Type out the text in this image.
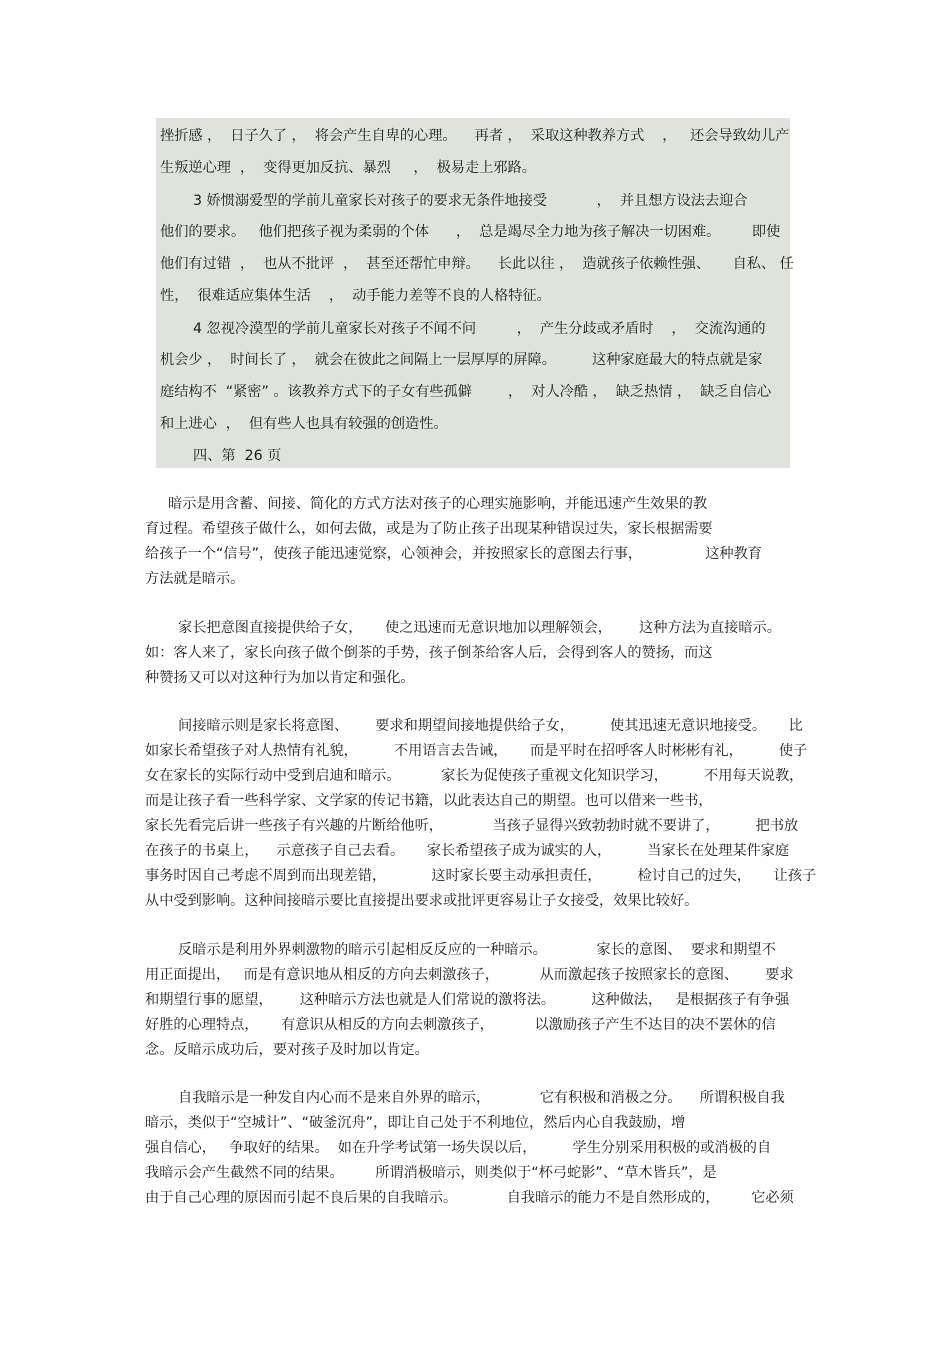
挫折感 ，  日子久了 ，  将会产生自卑的心理。    再者 ，  采取这种教养方式    ，   还会导致幼儿产
生叛逆心理  ，  变得更加反抗、暴烈     ，  极易走上邪路。
3 娇惯溺爱型的学前儿童家长对孩子的要求无条件地接受           ，  并且想方设法去迎合
他们的要求。   他们把孩子视为柔弱的个体      ，  总是竭尽全力地为孩子解决一切困难。       即使
他们有过错  ，  也从不批评  ，  甚至还帮忙申辩。    长此以往 ，  造就孩子依赖性强、     自私、 任
性，  很难适应集体生活    ，  动手能力差等不良的人格特征。
4 忽视冷漠型的学前儿童家长对孩子不闻不问         ，  产生分歧或矛盾时    ，  交流沟通的
机会少 ，  时间长了 ，  就会在彼此之间隔上一层厚厚的屏障。        这种家庭最大的特点就是家
庭结构不  “紧密” 。该教养方式下的子女有些孤僻        ，  对人冷酷 ，  缺乏热情 ，  缺乏自信心
和上进心  ，  但有些人也具有较强的创造性。
四、第  26 页
暗示是用含蓄、间接、简化的方式方法对孩子的心理实施影响，并能迅速产生效果的教
育过程。希望孩子做什么，如何去做，或是为了防止孩子出现某种错误过失，家长根据需要
给孩子一个“信号”，使孩子能迅速觉察，心领神会，并按照家长的意图去行事，              这种教育
方法就是暗示。
家长把意图直接提供给子女，     使之迅速而无意识地加以理解领会，      这种方法为直接暗示。
如：客人来了，家长向孩子做个倒茶的手势，孩子倒茶给客人后，会得到客人的赞扬，而这
种赞扬又可以对这种行为加以肯定和强化。
间接暗示则是家长将意图、      要求和期望间接地提供给子女，        使其迅速无意识地接受。     比
如家长希望孩子对人热情有礼貌，        不用语言去告诫，     而是平时在招呼客人时彬彬有礼，        使子
女在家长的实际行动中受到启迪和暗示。         家长为促使孩子重视文化知识学习，        不用每天说教，
而是让孩子看一些科学家、文学家的传记书籍，以此表达自己的期望。也可以借来一些书，
家长先看完后讲一些孩子有兴趣的片断给他听，           当孩子显得兴致勃勃时就不要讲了，        把书放
在孩子的书桌上，    示意孩子自己去看。     家长希望孩子成为诚实的人，        当家长在处理某件家庭
事务时因自己考虑不周到而出现差错，          这时家长要主动承担责任，        检讨自己的过失，     让孩子
从中受到影响。这种间接暗示要比直接提出要求或批评更容易让子女接受，效果比较好。
反暗示是利用外界刺激物的暗示引起相反反应的一种暗示。           家长的意图、  要求和期望不
用正面提出，   而是有意识地从相反的方向去刺激孩子，         从而激起孩子按照家长的意图、      要求
和期望行事的愿望，      这种暗示方法也就是人们常说的激将法。        这种做法，   是根据孩子有争强
好胜的心理特点，     有意识从相反的方向去刺激孩子，         以激励孩子产生不达目的决不罢休的信
念。反暗示成功后，要对孩子及时加以肯定。
自我暗示是一种发自内心而不是来自外界的暗示，           它有积极和消极之分。    所谓积极自我
暗示，类似于“空城计”、“破釜沉舟”，即让自己处于不利地位，然后内心自我鼓励，增
强自信心，   争取好的结果。  如在升学考试第一场失误以后，        学生分别采用积极的或消极的自
我暗示会产生截然不同的结果。       所谓消极暗示，则类似于“杯弓蛇影”、“草木皆兵”，是
由于自己心理的原因而引起不良后果的自我暗示。           自我暗示的能力不是自然形成的，       它必须
